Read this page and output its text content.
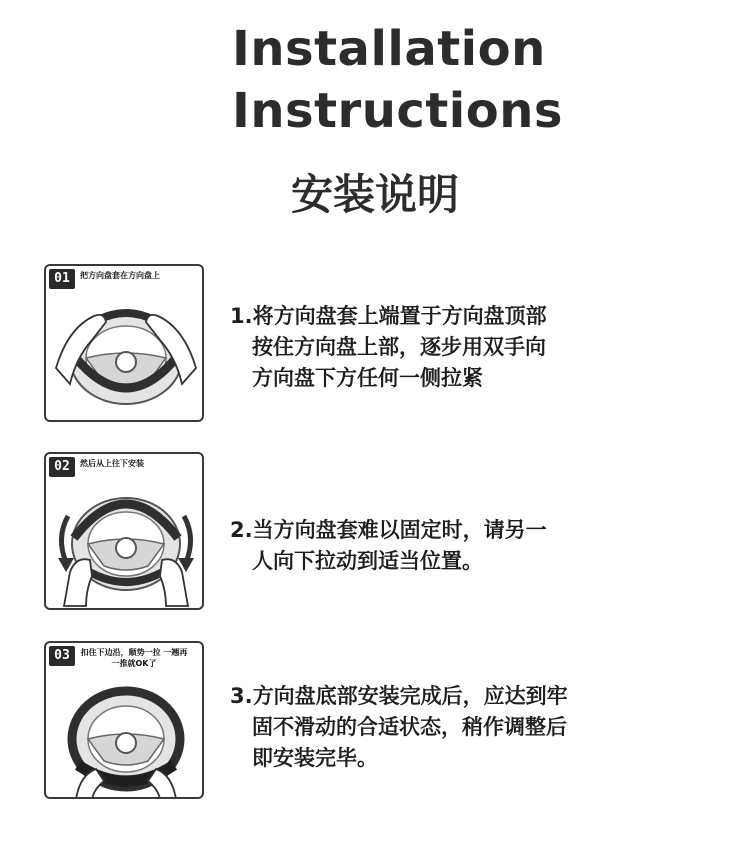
Installation
Instructions
安装说明
01	把方向盘套在方向盘上
1.将方向盘套上端置于方向盘顶部
按住方向盘上部，逐步用双手向
方向盘下方任何一侧拉紧
02	然后从上往下安装
2.当方向盘套难以固定时，请另一
人向下拉动到适当位置。
03	扣住下边沿，顺势一拉 一翘再一推就OK了
3.方向盘底部安装完成后，应达到牢
固不滑动的合适状态，稍作调整后
即安装完毕。
